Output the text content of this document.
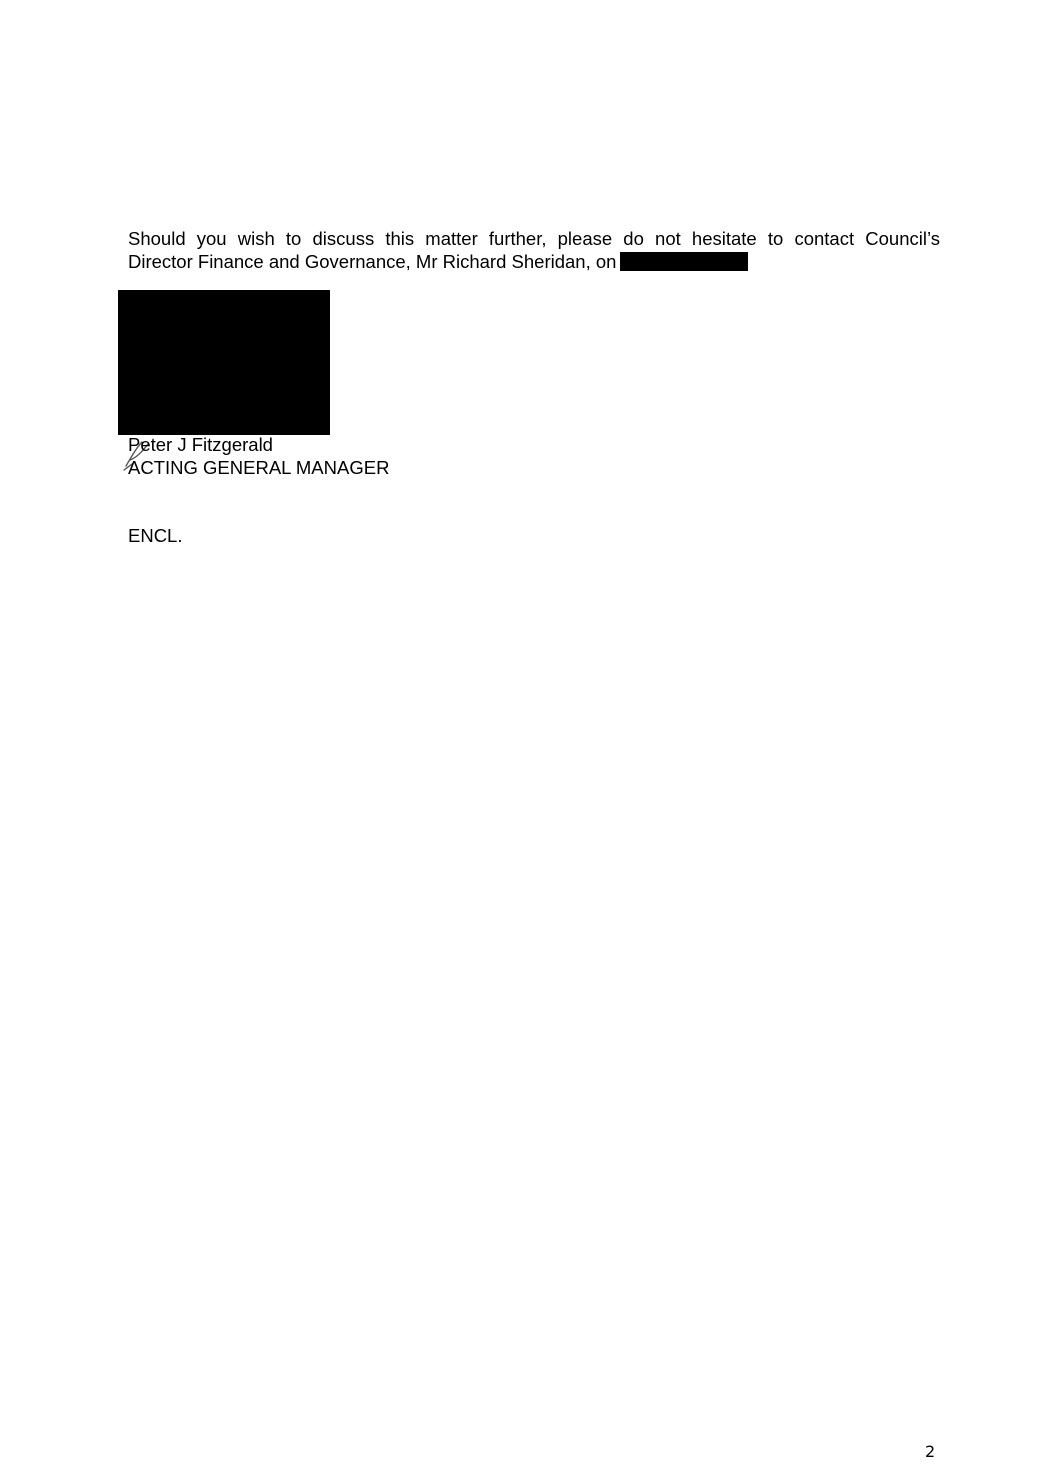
Should you wish to discuss this matter further, please do not hesitate to contact Council’s
Director Finance and Governance, Mr Richard Sheridan, on
Peter J Fitzgerald
ACTING GENERAL MANAGER
ENCL.
2
